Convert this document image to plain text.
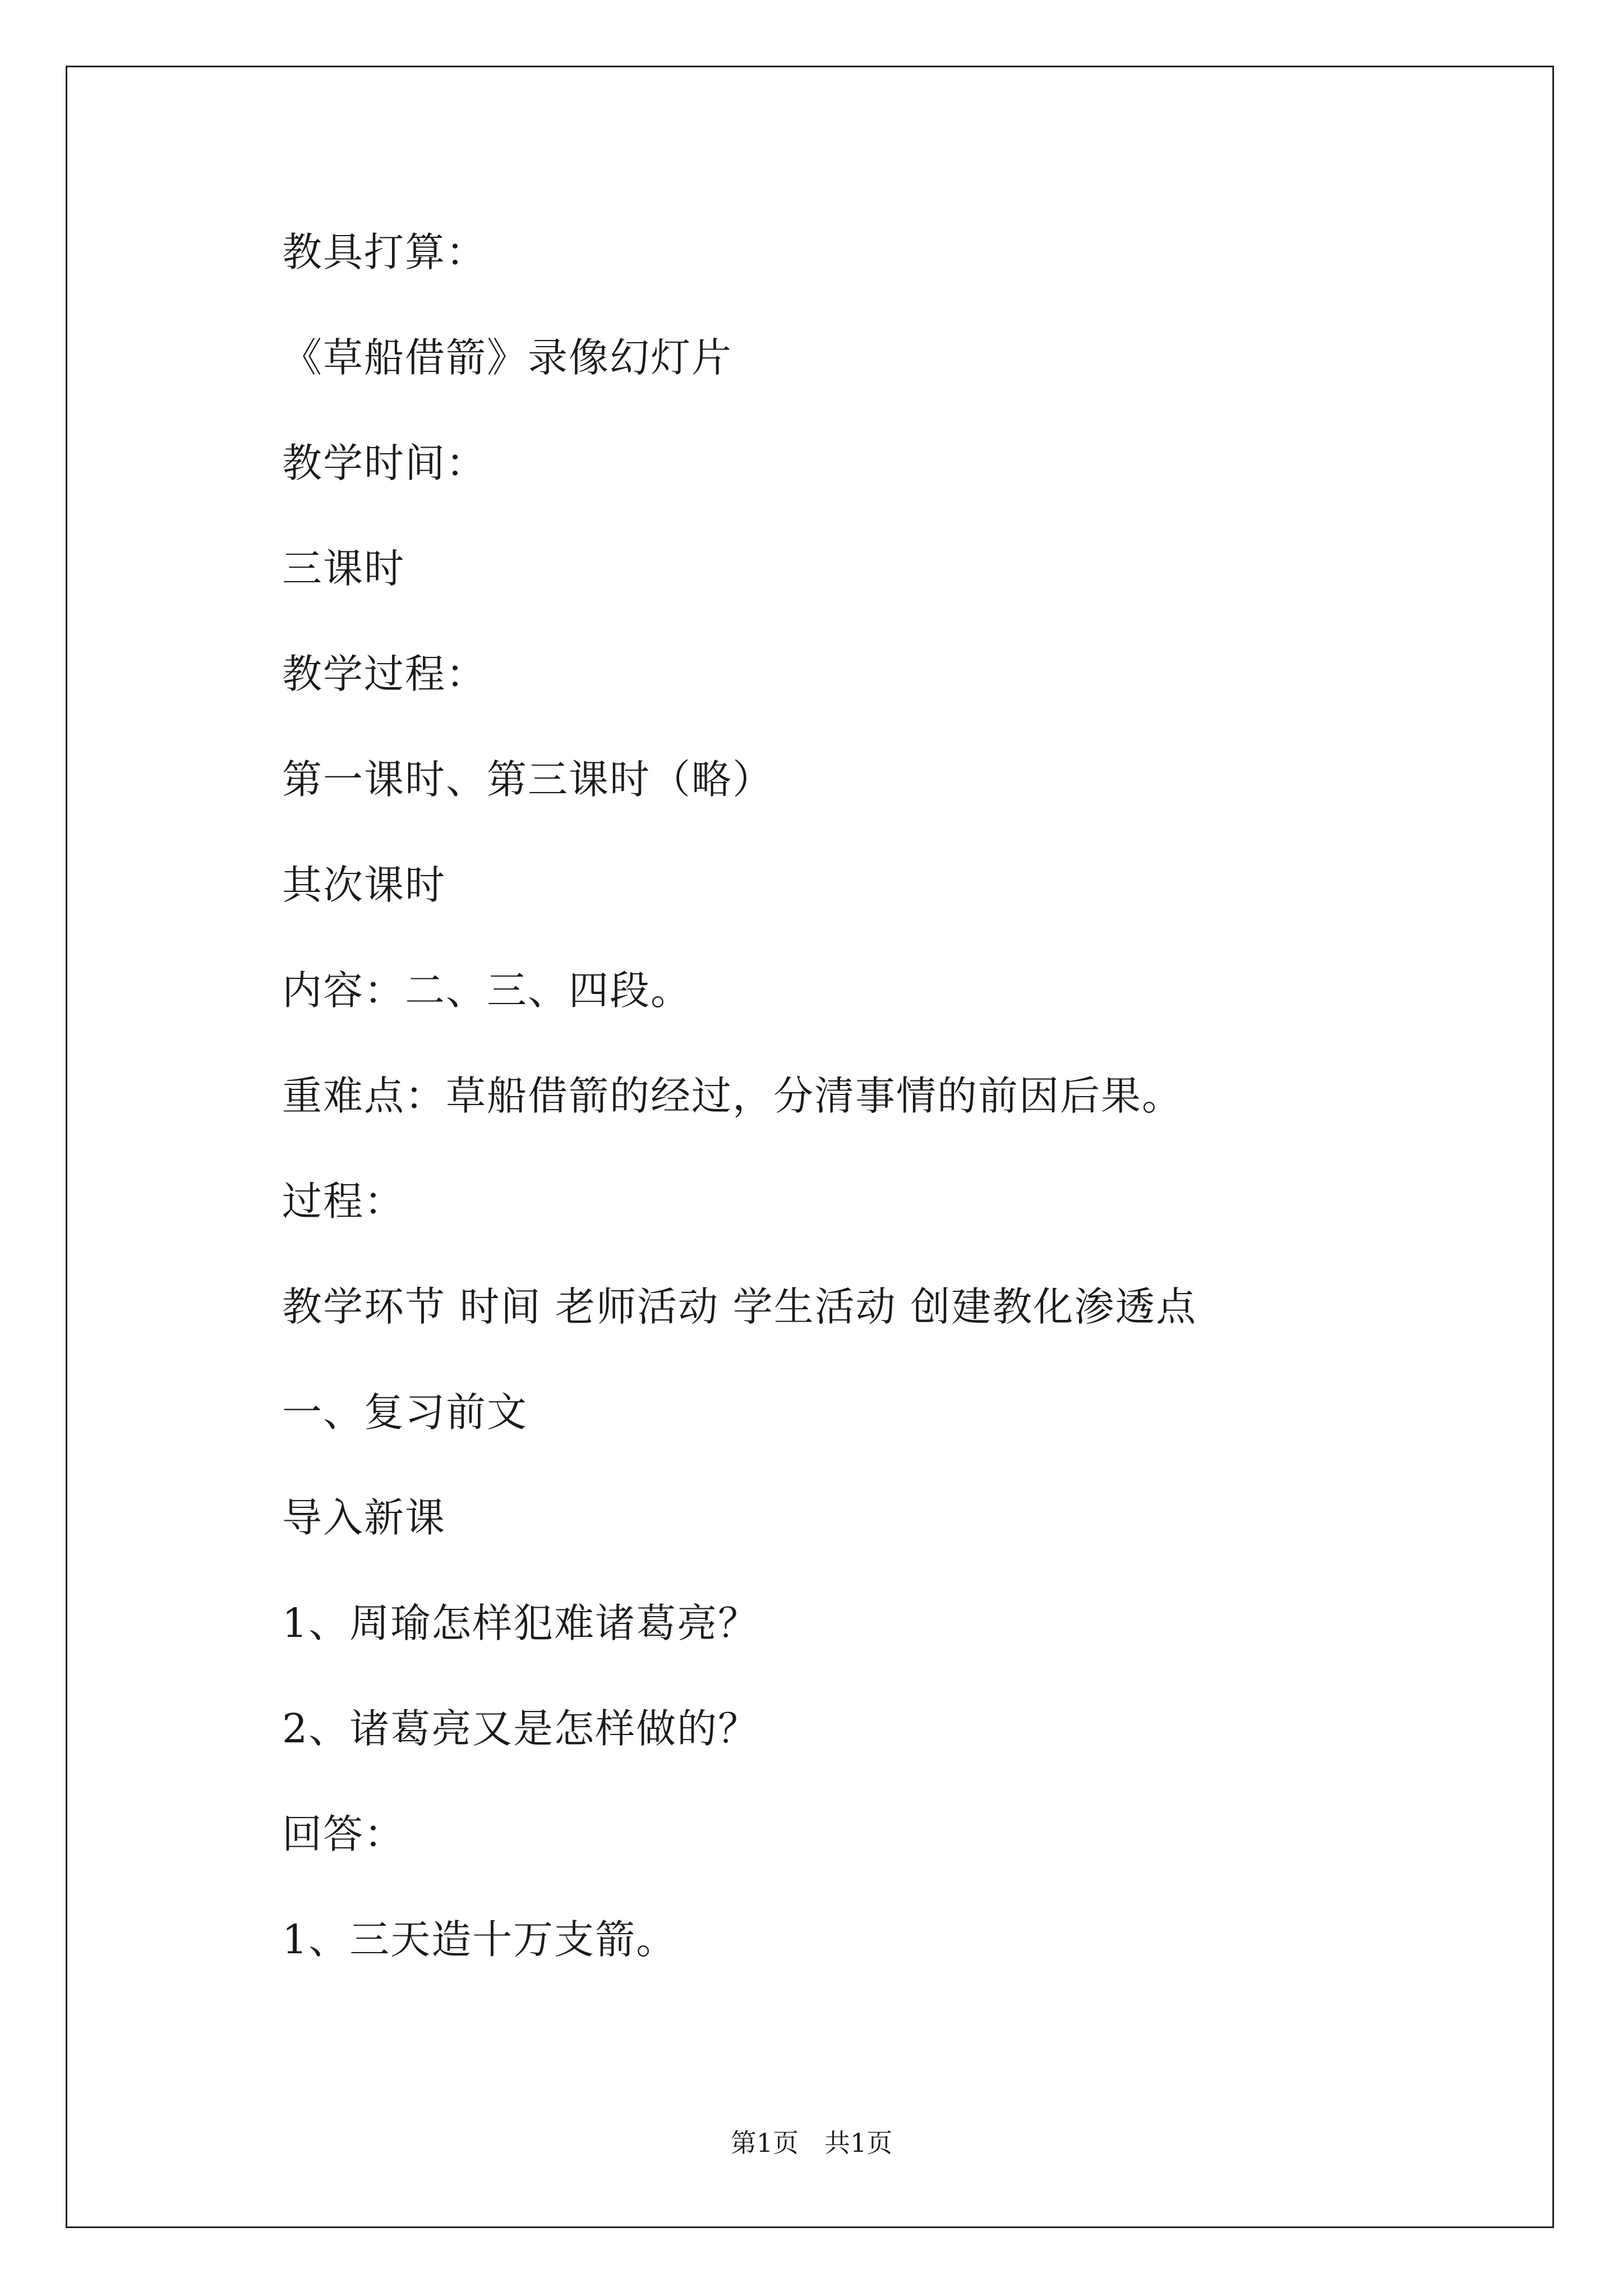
教具打算：
《草船借箭》录像幻灯片
教学时间：
三课时
教学过程：
第一课时、第三课时（略）
其次课时
内容：二、三、四段。
重难点：草船借箭的经过，分清事情的前因后果。
过程：
教学环节 时间 老师活动 学生活动 创建教化渗透点
一、复习前文
导入新课
1、周瑜怎样犯难诸葛亮？
2、诸葛亮又是怎样做的？
回答：
1、三天造十万支箭。
第1页　共1页
